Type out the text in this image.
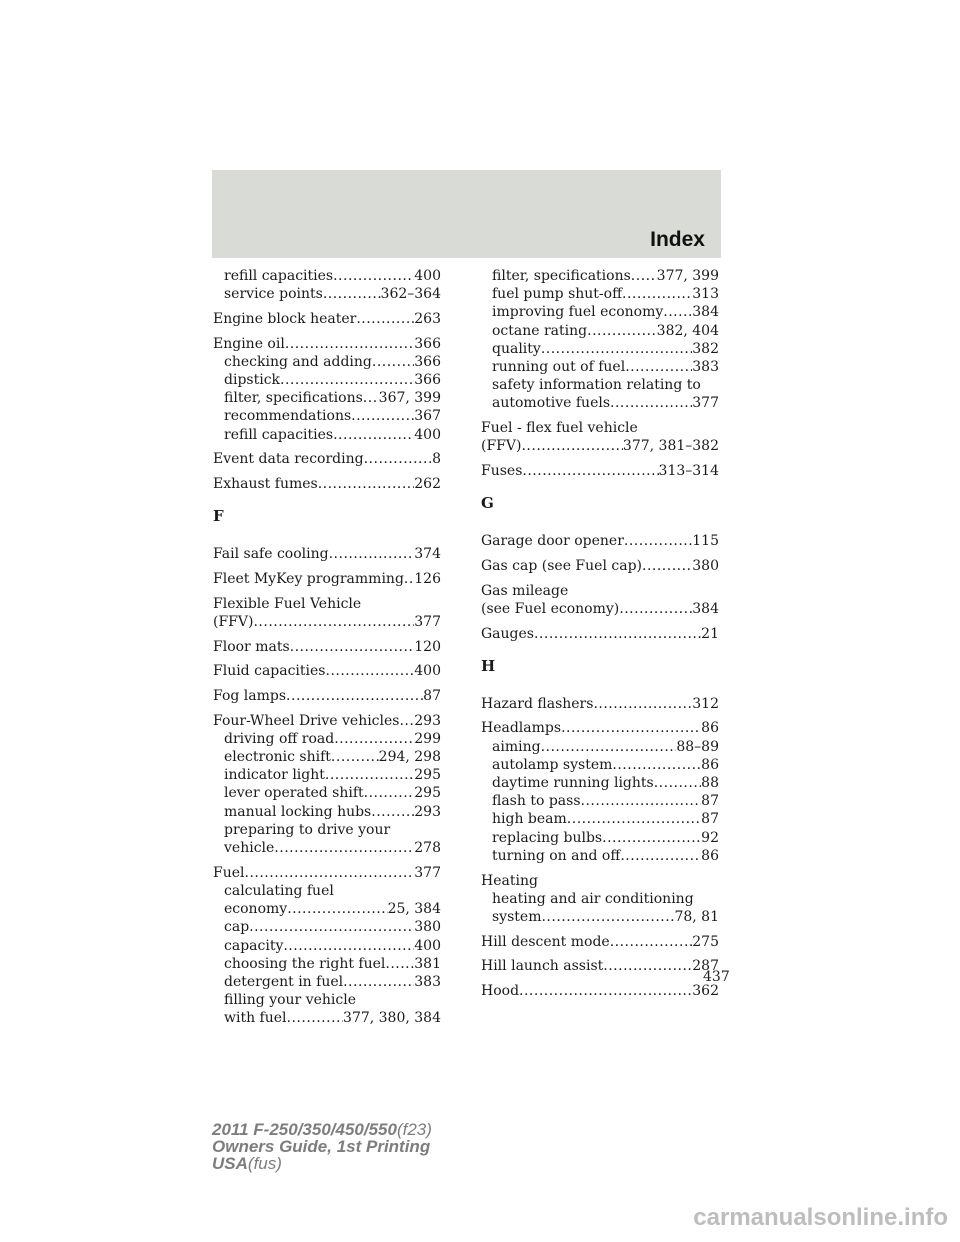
Index
refill capacities .....	400
service points .....	362–364
Engine block heater .....	263
Engine oil .....	366
checking and adding .....	366
dipstick .....	366
filter, specifications ..... 367, 399
recommendations .....	367
refill capacities .....	400
Event data recording .....	8
Exhaust fumes .....	262
F
Fail safe cooling .....	374
Fleet MyKey programming ..... 126
Flexible Fuel Vehicle
(FFV) .....	377
Floor mats .....	120
Fluid capacities .....	400
Fog lamps .....	87
Four-Wheel Drive vehicles ..... 293
driving off road .....	299
electronic shift .....	294, 298
indicator light .....	295
lever operated shift .....	295
manual locking hubs .....	293
preparing to drive your
vehicle .....	278
Fuel .....	377
calculating fuel
economy .....	25, 384
cap .....	380
capacity .....	400
choosing the right fuel ..... 381
detergent in fuel .....	383
filling your vehicle
with fuel .....	377, 380, 384
filter, specifications ..... 377, 399
fuel pump shut-off .....	313
improving fuel economy ..... 384
octane rating .....	382, 404
quality .....	382
running out of fuel .....	383
safety information relating to
automotive fuels .....	377
Fuel - flex fuel vehicle
(FFV) .....	377, 381–382
Fuses .....	313–314
G
Garage door opener .....	115
Gas cap (see Fuel cap) .....	380
Gas mileage
(see Fuel economy) .....	384
Gauges .....	21
H
Hazard flashers .....	312
Headlamps .....	86
aiming .....	88–89
autolamp system .....	86
daytime running lights .....	88
flash to pass .....	87
high beam .....	87
replacing bulbs .....	92
turning on and off .....	86
Heating
heating and air conditioning
system .....	78, 81
Hill descent mode .....	275
Hill launch assist .....	287
Hood .....	362
437
2011 F-250/350/450/550(f23)
Owners Guide, 1st Printing
USA(fus)
carmanualsonline.info
